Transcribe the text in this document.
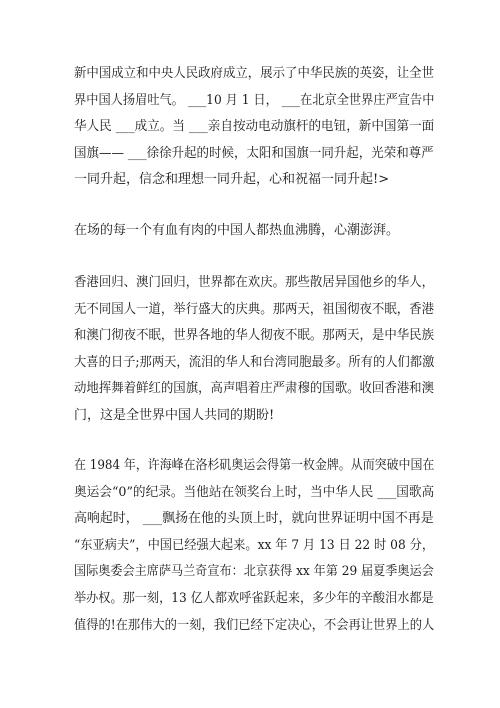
新中国成立和中央人民政府成立，展示了中华民族的英姿，让全世
界中国人扬眉吐气。 ___10 月 1 日， ___在北京全世界庄严宣告中
华人民 ___成立。当 ___亲自按动电动旗杆的电钮，新中国第一面
国旗—— ___徐徐升起的时候，太阳和国旗一同升起，光荣和尊严
一同升起，信念和理想一同升起，心和祝福一同升起!>
在场的每一个有血有肉的中国人都热血沸腾，心潮澎湃。
香港回归、澳门回归，世界都在欢庆。那些散居异国他乡的华人，
无不同国人一道，举行盛大的庆典。那两天，祖国彻夜不眠，香港
和澳门彻夜不眠，世界各地的华人彻夜不眠。那两天，是中华民族
大喜的日子;那两天，流泪的华人和台湾同胞最多。所有的人们都激
动地挥舞着鲜红的国旗，高声唱着庄严肃穆的国歌。收回香港和澳
门，这是全世界中国人共同的期盼!
在 1984 年，许海峰在洛杉矶奥运会得第一枚金牌。从而突破中国在
奥运会“0”的纪录。当他站在领奖台上时，当中华人民 ___国歌高
高响起时， ___飘扬在他的头顶上时，就向世界证明中国不再是
“东亚病夫”，中国已经强大起来。xx 年 7 月 13 日 22 时 08 分，
国际奥委会主席萨马兰奇宣布：北京获得 xx 年第 29 届夏季奥运会
举办权。那一刻，13 亿人都欢呼雀跃起来，多少年的辛酸泪水都是
值得的!在那伟大的一刻，我们已经下定决心，不会再让世界上的人
